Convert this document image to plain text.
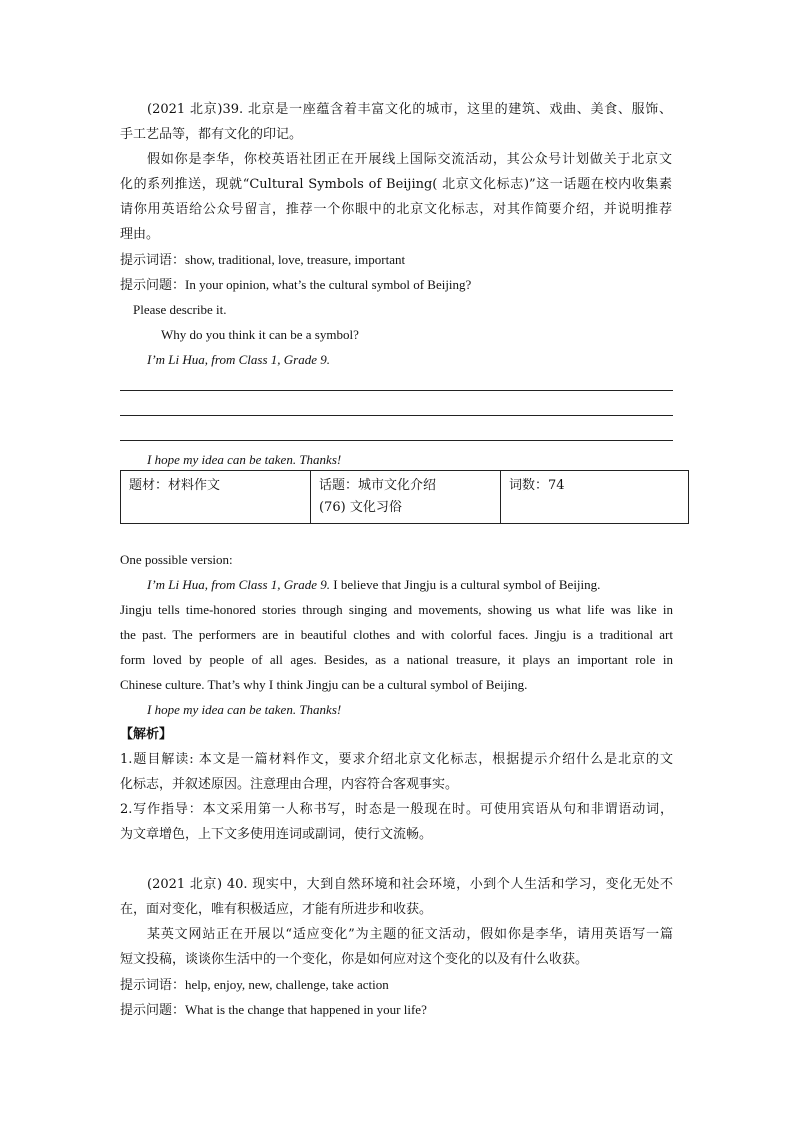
(2021 北京)39. 北京是一座蕴含着丰富文化的城市，这里的建筑、戏曲、美食、服饰、
手工艺品等，都有文化的印记。
假如你是李华，你校英语社团正在开展线上国际交流活动，其公众号计划做关于北京文
化的系列推送，现就“Cultural Symbols of Beijing( 北京文化标志)”这一话题在校内收集素
请你用英语给公众号留言，推荐一个你眼中的北京文化标志，对其作简要介绍，并说明推荐
理由。
提示词语：show, traditional, love, treasure, important
提示问题：In your opinion, what’s the cultural symbol of Beijing?
Please describe it.
Why do you think it can be a symbol?
I’m Li Hua, from Class 1, Grade 9.
I hope my idea can be taken. Thanks!
题材：材料作文	话题：城市文化介绍
(76) 文化习俗
	词数：74
One possible version:
I’m Li Hua, from Class 1, Grade 9. I believe that Jingju is a cultural symbol of Beijing.
Jingju tells time-honored stories through singing and movements, showing us what life was like in
the past. The performers are in beautiful clothes and with colorful faces. Jingju is a traditional art
form loved by people of all ages. Besides, as a national treasure, it plays an important role in
Chinese culture. That’s why I think Jingju can be a cultural symbol of Beijing.
I hope my idea can be taken. Thanks!
【解析】
1.题目解读: 本文是一篇材料作文，要求介绍北京文化标志，根据提示介绍什么是北京的文
化标志，并叙述原因。注意理由合理，内容符合客观事实。
2.写作指导：本文采用第一人称书写，时态是一般现在时。可使用宾语从句和非谓语动词，
为文章增色，上下文多使用连词或副词，使行文流畅。
(2021 北京) 40. 现实中，大到自然环境和社会环境，小到个人生活和学习，变化无处不
在，面对变化，唯有积极适应，才能有所进步和收获。
某英文网站正在开展以“适应变化”为主题的征文活动，假如你是李华，请用英语写一篇
短文投稿，谈谈你生活中的一个变化，你是如何应对这个变化的以及有什么收获。
提示词语：help, enjoy, new, challenge, take action
提示问题：What is the change that happened in your life?
